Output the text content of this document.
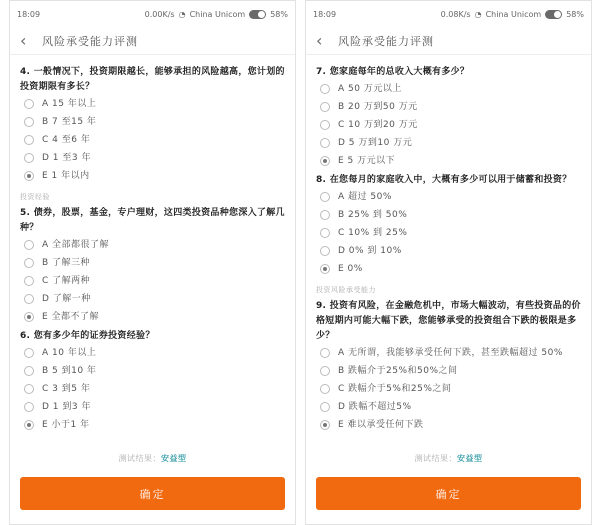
18:09	0.00K/s ◔ China Unicom	58%
‹	风险承受能力评测
4. 一般情况下，投资期限越长，能够承担的风险越高，您计划的投资期限有多长？
A 15 年以上
B 7 至15 年
C 4 至6 年
D 1 至3 年
E 1 年以内
投资经验
5. 债券，股票，基金，专户理财，这四类投资品种您深入了解几种？
A 全部都很了解
B 了解三种
C 了解两种
D 了解一种
E 全都不了解
6. 您有多少年的证券投资经验？
A 10 年以上
B 5 到10 年
C 3 到5 年
D 1 到3 年
E 小于1 年
测试结果：安益型
确定
18:09	0.08K/s ◔ China Unicom	58%
‹	风险承受能力评测
7. 您家庭每年的总收入大概有多少？
A 50 万元以上
B 20 万到50 万元
C 10 万到20 万元
D 5 万到10 万元
E 5 万元以下
8. 在您每月的家庭收入中，大概有多少可以用于储蓄和投资？
A 超过 50%
B 25% 到 50%
C 10% 到 25%
D 0% 到 10%
E 0%
投资风险承受能力
9. 投资有风险，在金融危机中，市场大幅波动，有些投资品的价格短期内可能大幅下跌，您能够承受的投资组合下跌的极限是多少？
A 无所谓，我能够承受任何下跌，甚至跌幅超过 50%
B 跌幅介于25%和50%之间
C 跌幅介于5%和25%之间
D 跌幅不超过5%
E 难以承受任何下跌
测试结果：安益型
确定
